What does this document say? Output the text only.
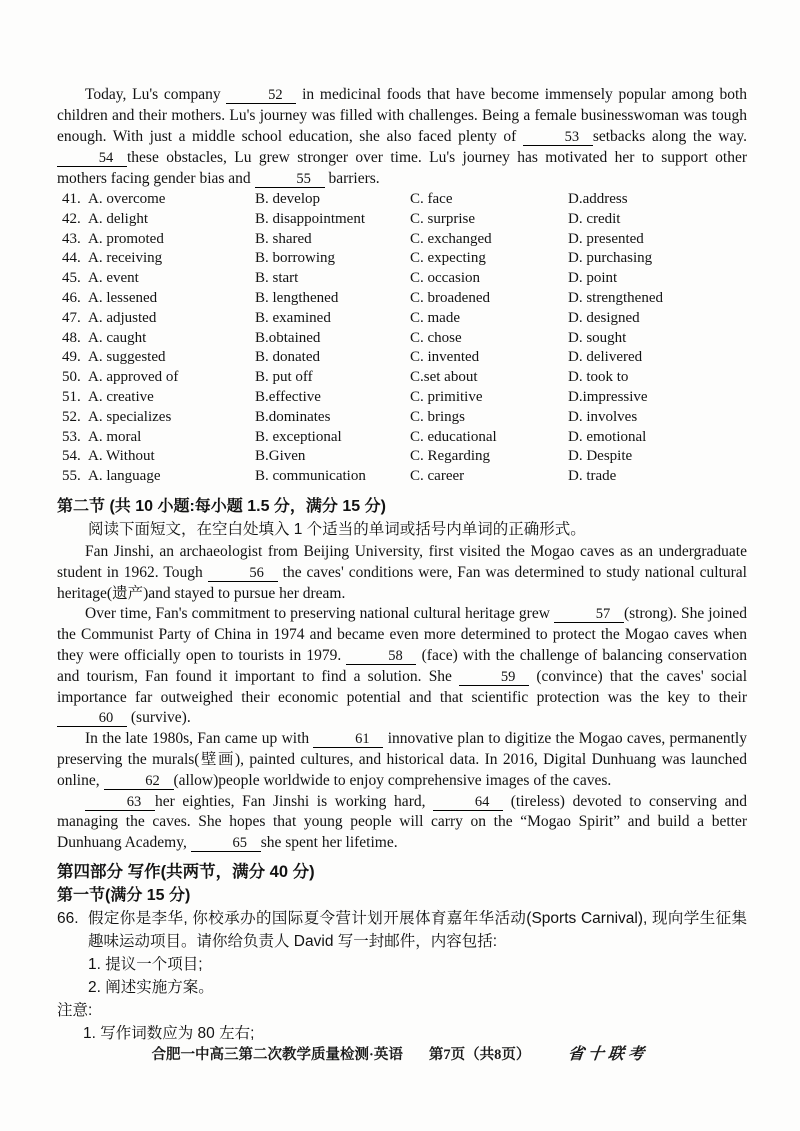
Today, Lu's company	52 in medicinal foods that have become immensely popular among both children and their mothers. Lu's journey was filled with challenges. Being a female businesswoman was tough enough. With just a middle school education, she also faced plenty of	53 setbacks along the way. 54 these obstacles, Lu grew stronger over time. Lu's journey has motivated her to support other mothers facing gender bias and	55 barriers.

41. A. overcome	B. develop	C. face	D.address
42. A. delight	B. disappointment	C. surprise	D. credit
43. A. promoted	B. shared	C. exchanged	D. presented
44. A. receiving	B. borrowing	C. expecting	D. purchasing
45. A. event	B. start	C. occasion	D. point
46. A. lessened	B. lengthened	C. broadened	D. strengthened
47. A. adjusted	B. examined	C. made	D. designed
48. A. caught	B.obtained	C. chose	D. sought
49. A. suggested	B. donated	C. invented	D. delivered
50. A. approved of	B. put off	C.set about	D. took to
51. A. creative	B.effective	C. primitive	D.impressive
52. A. specializes	B.dominates	C. brings	D. involves
53. A. moral	B. exceptional	C. educational	D. emotional
54. A. Without	B.Given	C. Regarding	D. Despite
55. A. language	B. communication	C. career	D. trade
第二节 (共 10 小题:每小题 1.5 分，满分 15 分)
阅读下面短文，在空白处填入 1 个适当的单词或括号内单词的正确形式。

Fan Jinshi, an archaeologist from Beijing University, first visited the Mogao caves as an undergraduate student in 1962. Tough	56 the caves' conditions were, Fan was determined to study national cultural heritage(遗产)and stayed to pursue her dream.

Over time, Fan's commitment to preserving national cultural heritage grew	57 (strong). She joined the Communist Party of China in 1974 and became even more determined to protect the Mogao caves when they were officially open to tourists in 1979.	58 (face) with the challenge of balancing conservation and tourism, Fan found it important to find a solution. She	59 (convince) that the caves' social importance far outweighed their economic potential and that scientific protection was the key to their 60 (survive).

In the late 1980s, Fan came up with	61 innovative plan to digitize the Mogao caves, permanently preserving the murals(壁画), painted cultures, and historical data. In 2016, Digital Dunhuang was launched online,	62 (allow)people worldwide to enjoy comprehensive images of the caves.

63 her eighties, Fan Jinshi is working hard,	64 (tireless) devoted to conserving and managing the caves. She hopes that young people will carry on the “Mogao Spirit” and build a better Dunhuang Academy,	65 she spent her lifetime.

第四部分 写作(共两节，满分 40 分)
第一节(满分 15 分)
66. 假定你是李华, 你校承办的国际夏令营计划开展体育嘉年华活动(Sports Carnival), 现向学生征集趣味运动项目。请你给负责人 David 写一封邮件，内容包括:
1. 提议一个项目;
2. 阐述实施方案。
注意:
1. 写作词数应为 80 左右;
合肥一中高三第二次教学质量检测·英语 第7页（共8页） 省十联考
